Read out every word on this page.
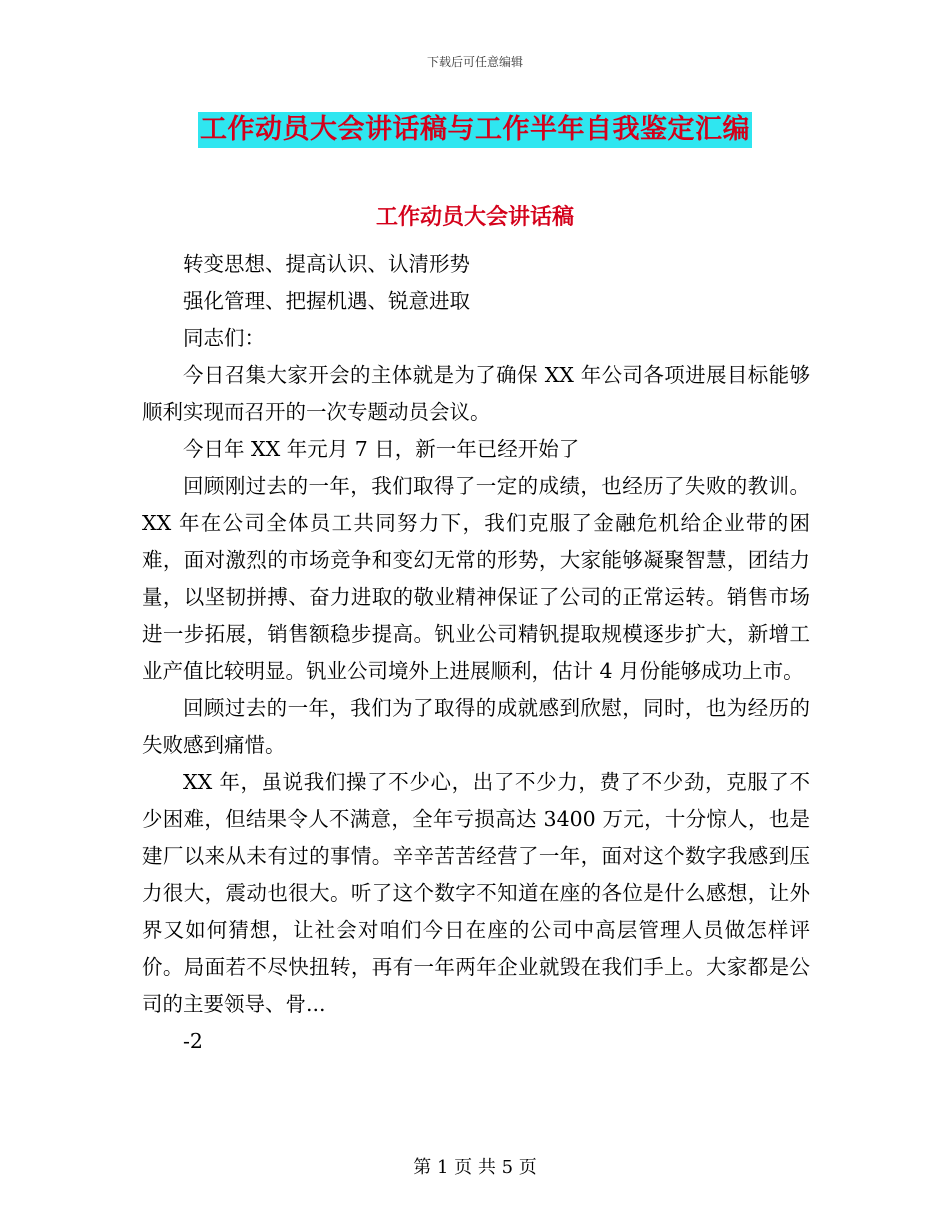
下载后可任意编辑
工作动员大会讲话稿与工作半年自我鉴定汇编
工作动员大会讲话稿

转变思想、提高认识、认清形势

强化管理、把握机遇、锐意进取

同志们：

今日召集大家开会的主体就是为了确保 XX 年公司各项进展目标能够顺利实现而召开的一次专题动员会议。

今日年 XX 年元月 7 日，新一年已经开始了

回顾刚过去的一年，我们取得了一定的成绩，也经历了失败的教训。 XX 年在公司全体员工共同努力下，我们克服了金融危机给企业带的困难，面对激烈的市场竞争和变幻无常的形势，大家能够凝聚智慧，团结力量，以坚韧拼搏、奋力进取的敬业精神保证了公司的正常运转。销售市场进一步拓展，销售额稳步提高。钒业公司精钒提取规模逐步扩大，新增工业产值比较明显。钒业公司境外上进展顺利，估计 4 月份能够成功上市。

回顾过去的一年，我们为了取得的成就感到欣慰，同时，也为经历的失败感到痛惜。

XX 年，虽说我们操了不少心，出了不少力，费了不少劲，克服了不少困难，但结果令人不满意，全年亏损高达 3400 万元，十分惊人，也是建厂以来从未有过的事情。辛辛苦苦经营了一年，面对这个数字我感到压力很大，震动也很大。听了这个数字不知道在座的各位是什么感想，让外界又如何猜想，让社会对咱们今日在座的公司中高层管理人员做怎样评价。局面若不尽快扭转，再有一年两年企业就毁在我们手上。大家都是公司的主要领导、骨...

-2

第 1 页 共 5 页
